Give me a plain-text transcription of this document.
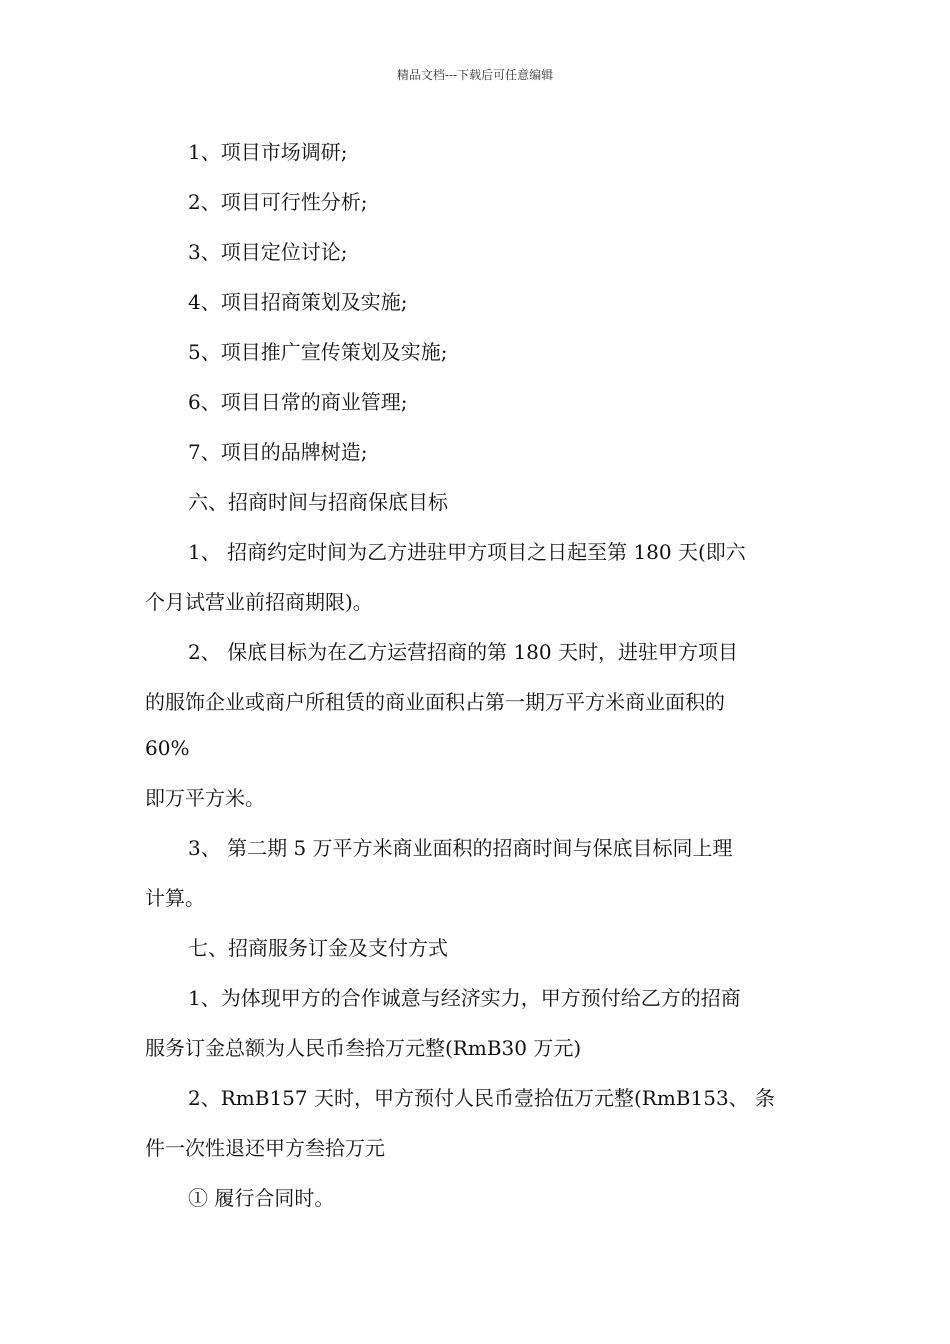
精品文档---下载后可任意编辑
1、项目市场调研;
2、项目可行性分析;
3、项目定位讨论;
4、项目招商策划及实施;
5、项目推广宣传策划及实施;
6、项目日常的商业管理;
7、项目的品牌树造;
六、招商时间与招商保底目标
1、 招商约定时间为乙方进驻甲方项目之日起至第 180 天(即六
个月试营业前招商期限)。
2、 保底目标为在乙方运营招商的第 180 天时，进驻甲方项目
的服饰企业或商户所租赁的商业面积占第一期万平方米商业面积的
60%
即万平方米。
3、 第二期 5 万平方米商业面积的招商时间与保底目标同上理
计算。
七、招商服务订金及支付方式
1、为体现甲方的合作诚意与经济实力，甲方预付给乙方的招商
服务订金总额为人民币叁拾万元整(RmB30 万元)
2、RmB157 天时，甲方预付人民币壹拾伍万元整(RmB153、 条
件一次性退还甲方叁拾万元
① 履行合同时。
